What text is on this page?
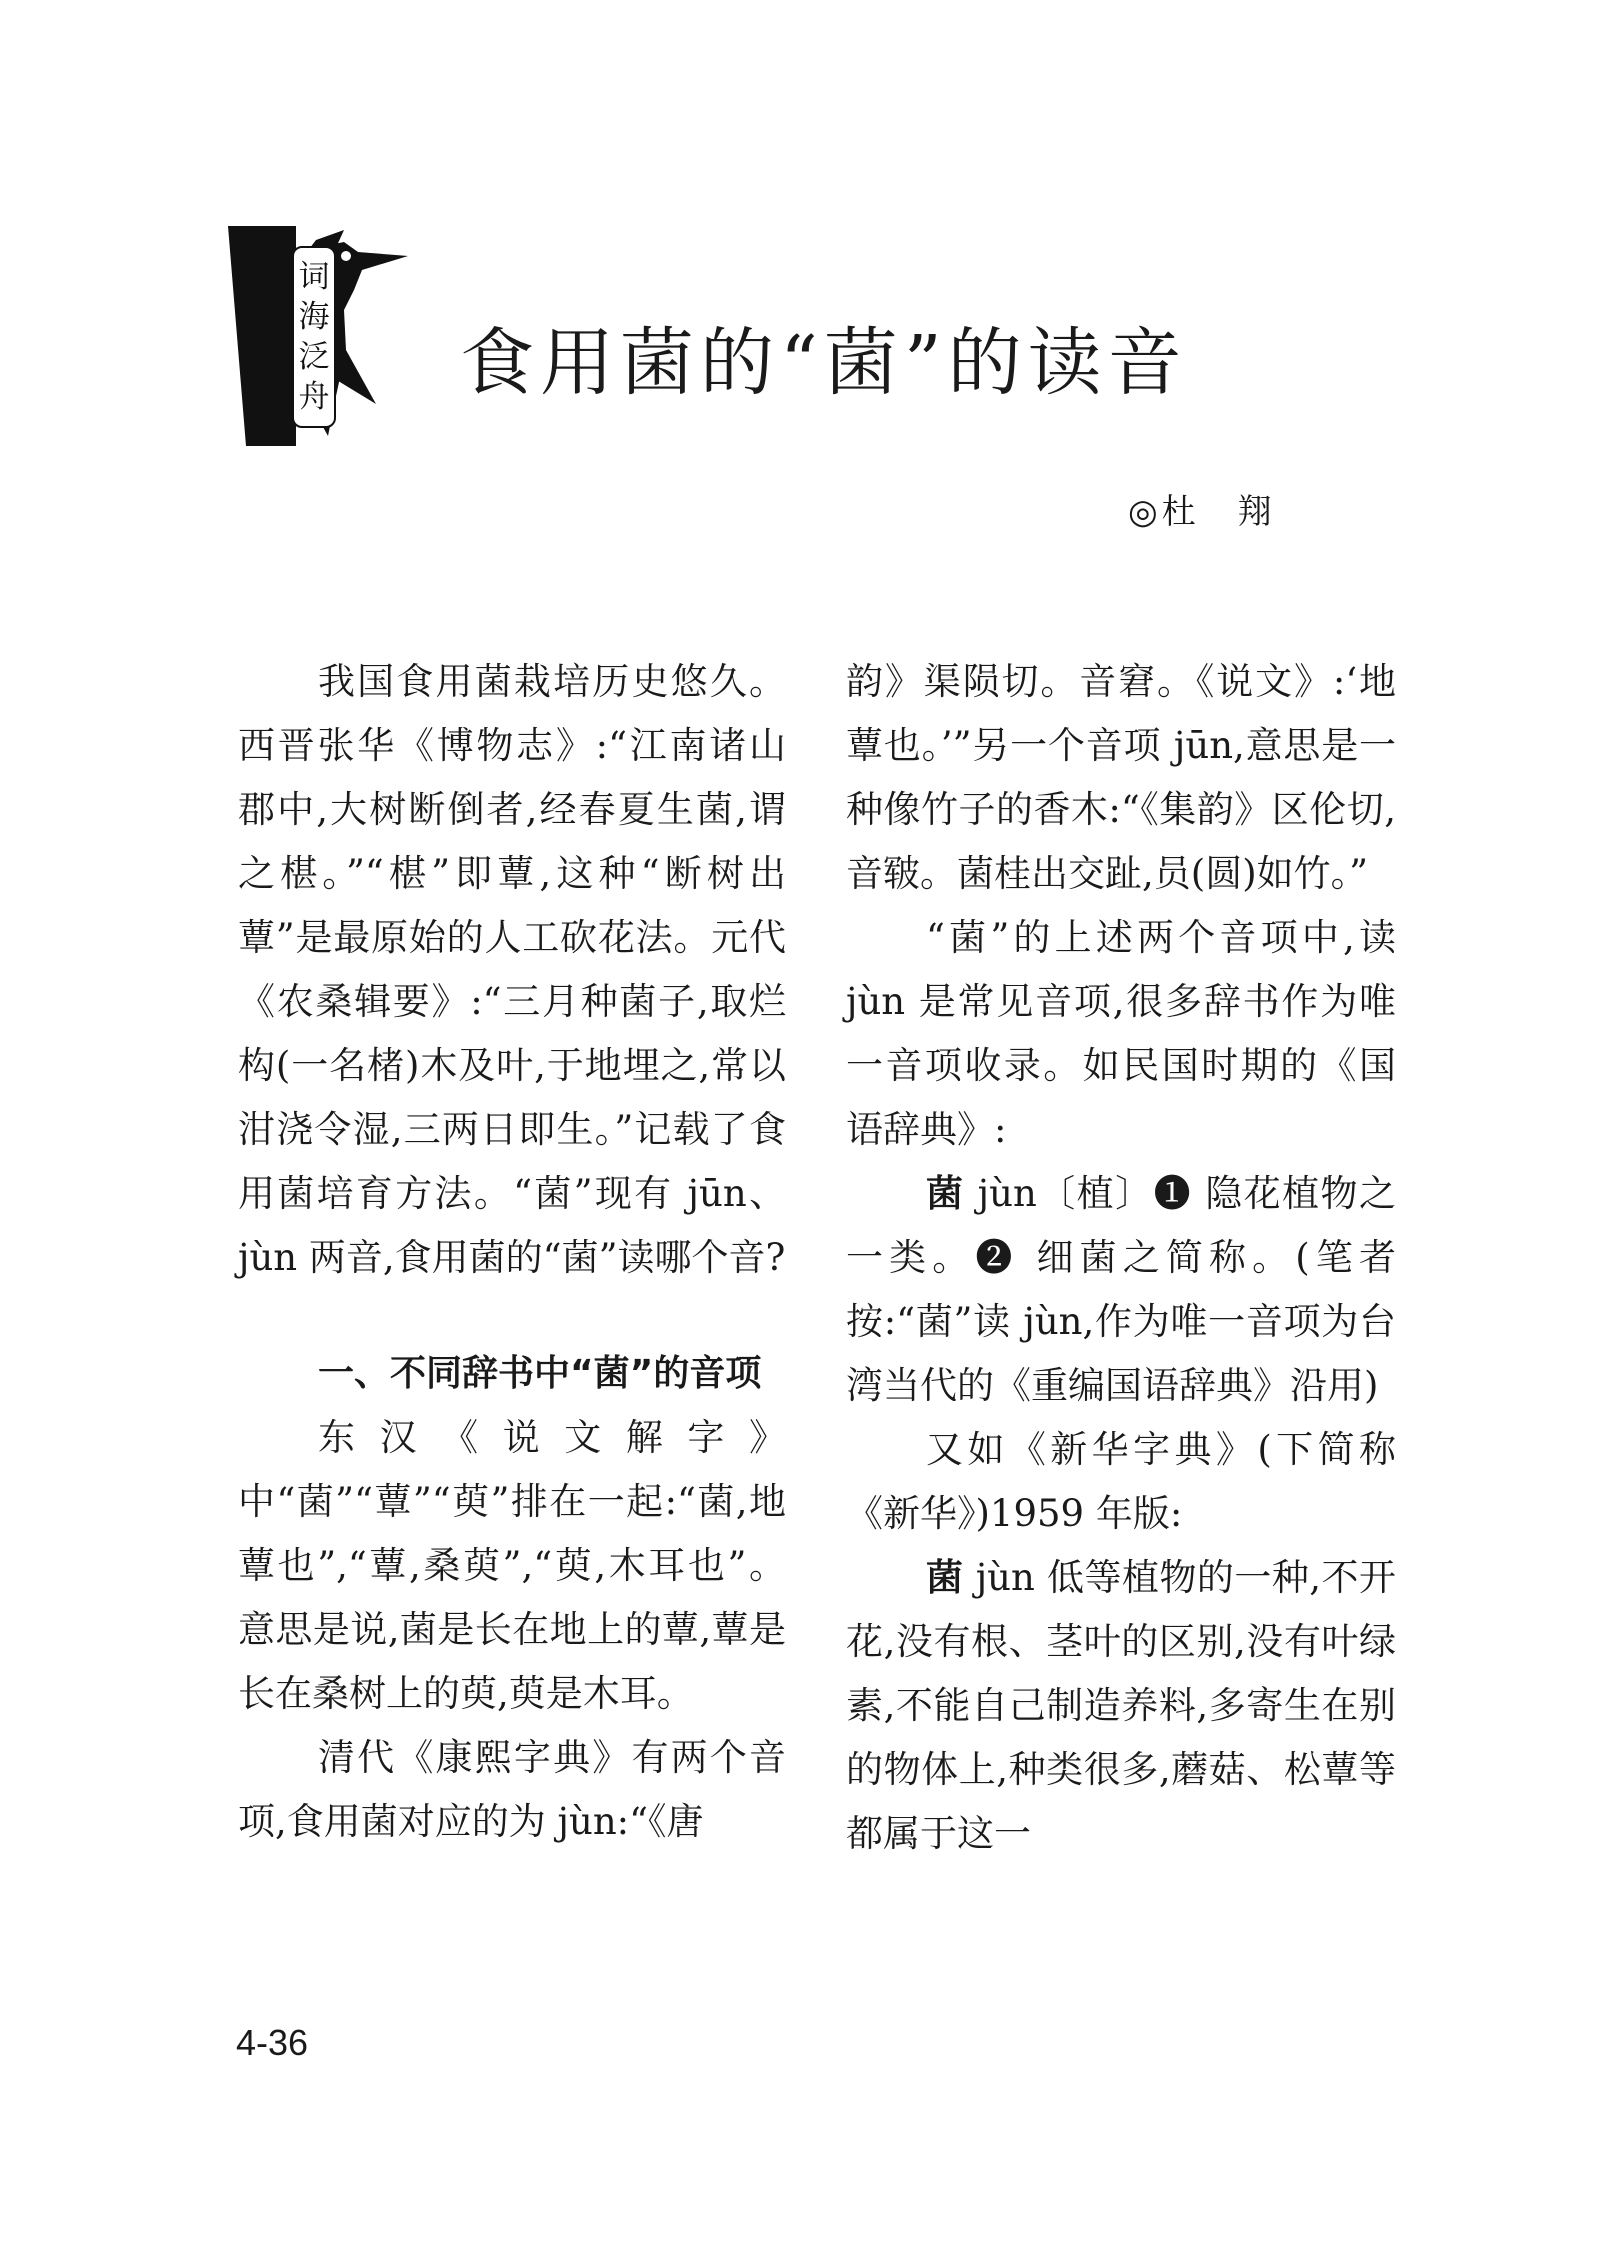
词
海
泛
舟 食用菌的“菌”的读音
◎杜　翔

我国食用菌栽培历史悠久。西晋张华《博物志》:“江南诸山郡中,大树断倒者,经春夏生菌,谓之椹。”“椹”即蕈,这种“断树出蕈”是最原始的人工砍花法。元代《农桑辑要》:“三月种菌子,取烂构(一名楮)木及叶,于地埋之,常以泔浇令湿,三两日即生。”记载了食用菌培育方法。“菌”现有 jūn、jùn 两音,食用菌的“菌”读哪个音?

一、不同辞书中“菌”的音项

东汉《说文解字》中“菌”“蕈”“萸”排在一起:“菌,地蕈也”,“蕈,桑萸”,“萸,木耳也”。意思是说,菌是长在地上的蕈,蕈是长在桑树上的萸,萸是木耳。

清代《康熙字典》有两个音项,食用菌对应的为 jùn:“《唐

韵》渠陨切。音窘。《说文》:‘地蕈也。’”另一个音项 jūn,意思是一种像竹子的香木:“《集韵》区伦切,音皲。菌桂出交趾,员(圆)如竹。”

“菌”的上述两个音项中,读 jùn 是常见音项,很多辞书作为唯一音项收录。如民国时期的《国语辞典》:

菌 jùn〔植〕❶ 隐花植物之一类。❷ 细菌之简称。(笔者按:“菌”读 jùn,作为唯一音项为台湾当代的《重编国语辞典》沿用)

又如《新华字典》(下简称《新华》)1959 年版:

菌 jùn 低等植物的一种,不开花,没有根、茎叶的区别,没有叶绿素,不能自己制造养料,多寄生在别的物体上,种类很多,蘑菇、松蕈等都属于这一

4-36
